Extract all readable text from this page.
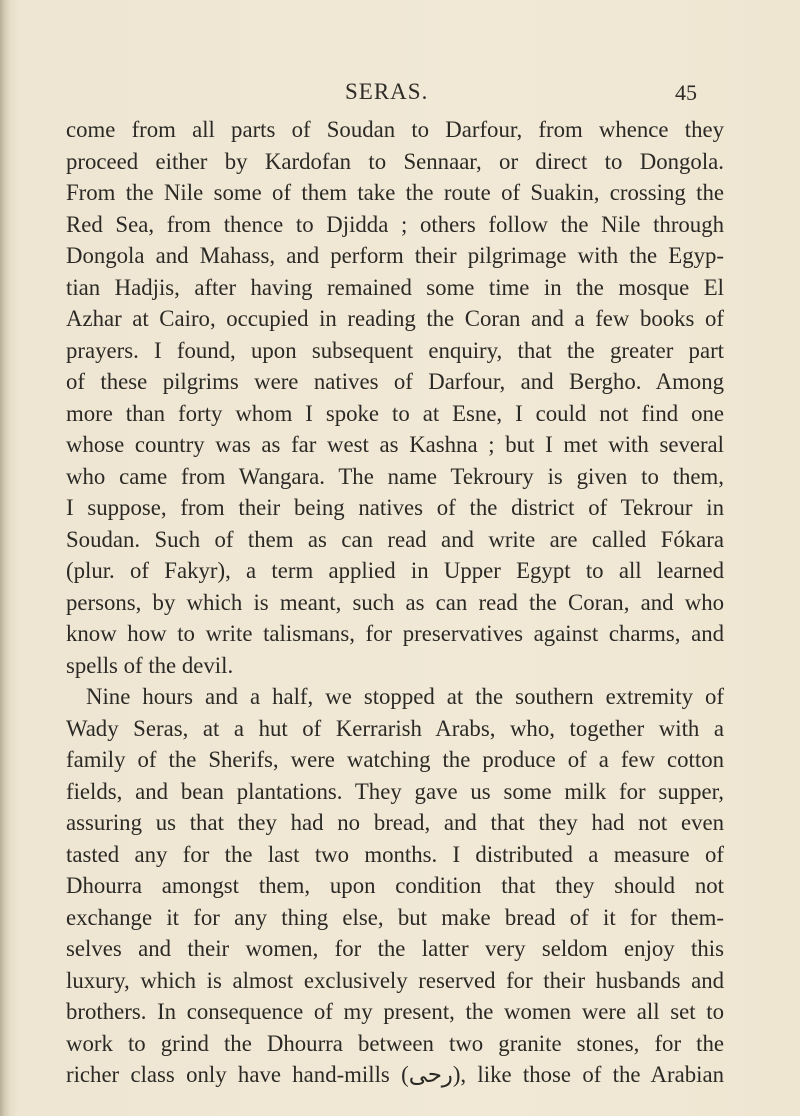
SERAS.	45
come from all parts of Soudan to Darfour, from whence they
proceed either by Kardofan to Sennaar, or direct to Dongola.
From the Nile some of them take the route of Suakin, crossing the
Red Sea, from thence to Djidda ; others follow the Nile through
Dongola and Mahass, and perform their pilgrimage with the Egyp-
tian Hadjis, after having remained some time in the mosque El
Azhar at Cairo, occupied in reading the Coran and a few books of
prayers. I found, upon subsequent enquiry, that the greater part
of these pilgrims were natives of Darfour, and Bergho. Among
more than forty whom I spoke to at Esne, I could not find one
whose country was as far west as Kashna ; but I met with several
who came from Wangara. The name Tekroury is given to them,
I suppose, from their being natives of the district of Tekrour in
Soudan. Such of them as can read and write are called Fókara
(plur. of Fakyr), a term applied in Upper Egypt to all learned
persons, by which is meant, such as can read the Coran, and who
know how to write talismans, for preservatives against charms, and
spells of the devil.
Nine hours and a half, we stopped at the southern extremity of
Wady Seras, at a hut of Kerrarish Arabs, who, together with a
family of the Sherifs, were watching the produce of a few cotton
fields, and bean plantations. They gave us some milk for supper,
assuring us that they had no bread, and that they had not even
tasted any for the last two months. I distributed a measure of
Dhourra amongst them, upon condition that they should not
exchange it for any thing else, but make bread of it for them-
selves and their women, for the latter very seldom enjoy this
luxury, which is almost exclusively reserved for their husbands and
brothers. In consequence of my present, the women were all set to
work to grind the Dhourra between two granite stones, for the
richer class only have hand-mills (رحى), like those of the Arabian
